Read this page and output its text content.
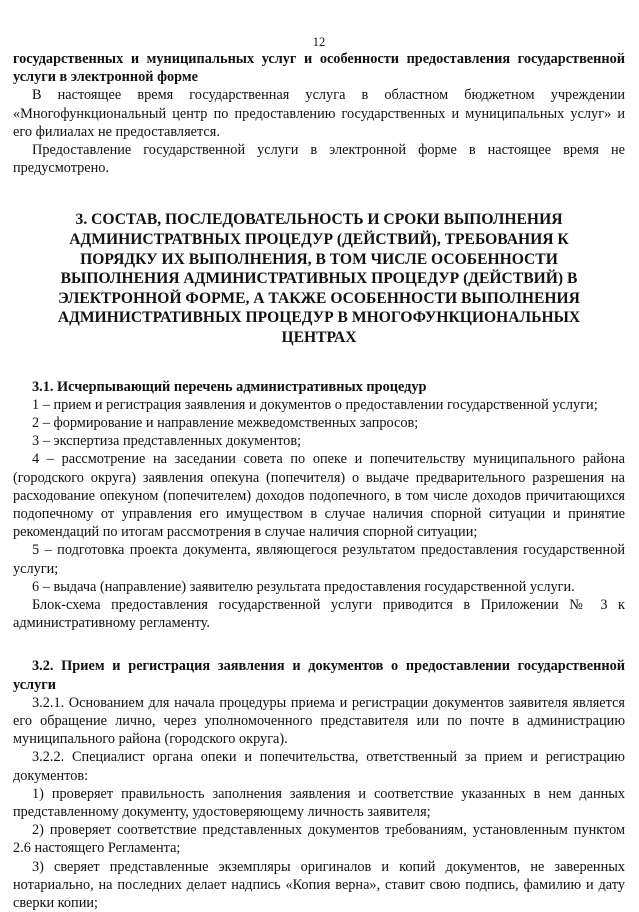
12

государственных и муниципальных услуг и особенности предоставления государственной услуги в электронной форме

В настоящее время государственная услуга в областном бюджетном учреждении «Многофункциональный центр по предоставлению государственных и муниципальных услуг» и его филиалах не предоставляется.

Предоставление государственной услуги в электронной форме в настоящее время не предусмотрено.

3. СОСТАВ, ПОСЛЕДОВАТЕЛЬНОСТЬ И СРОКИ ВЫПОЛНЕНИЯ АДМИНИСТРАТВНЫХ ПРОЦЕДУР (ДЕЙСТВИЙ), ТРЕБОВАНИЯ К ПОРЯДКУ ИХ ВЫПОЛНЕНИЯ, В ТОМ ЧИСЛЕ ОСОБЕННОСТИ ВЫПОЛНЕНИЯ АДМИНИСТРАТИВНЫХ ПРОЦЕДУР (ДЕЙСТВИЙ) В ЭЛЕКТРОННОЙ ФОРМЕ, А ТАКЖЕ ОСОБЕННОСТИ ВЫПОЛНЕНИЯ АДМИНИСТРАТИВНЫХ ПРОЦЕДУР В МНОГОФУНКЦИОНАЛЬНЫХ ЦЕНТРАХ

3.1. Исчерпывающий перечень административных процедур

1 – прием и регистрация заявления и документов о предоставлении государственной услуги;

2 – формирование и направление межведомственных запросов;

3 – экспертиза представленных документов;

4 – рассмотрение на заседании совета по опеке и попечительству муниципального района (городского округа) заявления опекуна (попечителя) о выдаче предварительного разрешения на расходование опекуном (попечителем) доходов подопечного, в том числе доходов причитающихся подопечному от управления его имуществом в случае наличия спорной ситуации и принятие рекомендаций по итогам рассмотрения в случае наличия спорной ситуации;

5 – подготовка проекта документа, являющегося результатом предоставления государственной услуги;

6 – выдача (направление) заявителю результата предоставления государственной услуги.

Блок-схема предоставления государственной услуги приводится в Приложении № 3 к административному регламенту.

3.2. Прием и регистрация заявления и документов о предоставлении государственной услуги

3.2.1. Основанием для начала процедуры приема и регистрации документов заявителя является его обращение лично, через уполномоченного представителя или по почте в администрацию муниципального района (городского округа).

3.2.2. Специалист органа опеки и попечительства, ответственный за прием и регистрацию документов:

1) проверяет правильность заполнения заявления и соответствие указанных в нем данных представленному документу, удостоверяющему личность заявителя;

2) проверяет соответствие представленных документов требованиям, установленным пунктом 2.6 настоящего Регламента;

3) сверяет представленные экземпляры оригиналов и копий документов, не заверенных нотариально, на последних делает надпись «Копия верна», ставит свою подпись, фамилию и дату сверки копии;
